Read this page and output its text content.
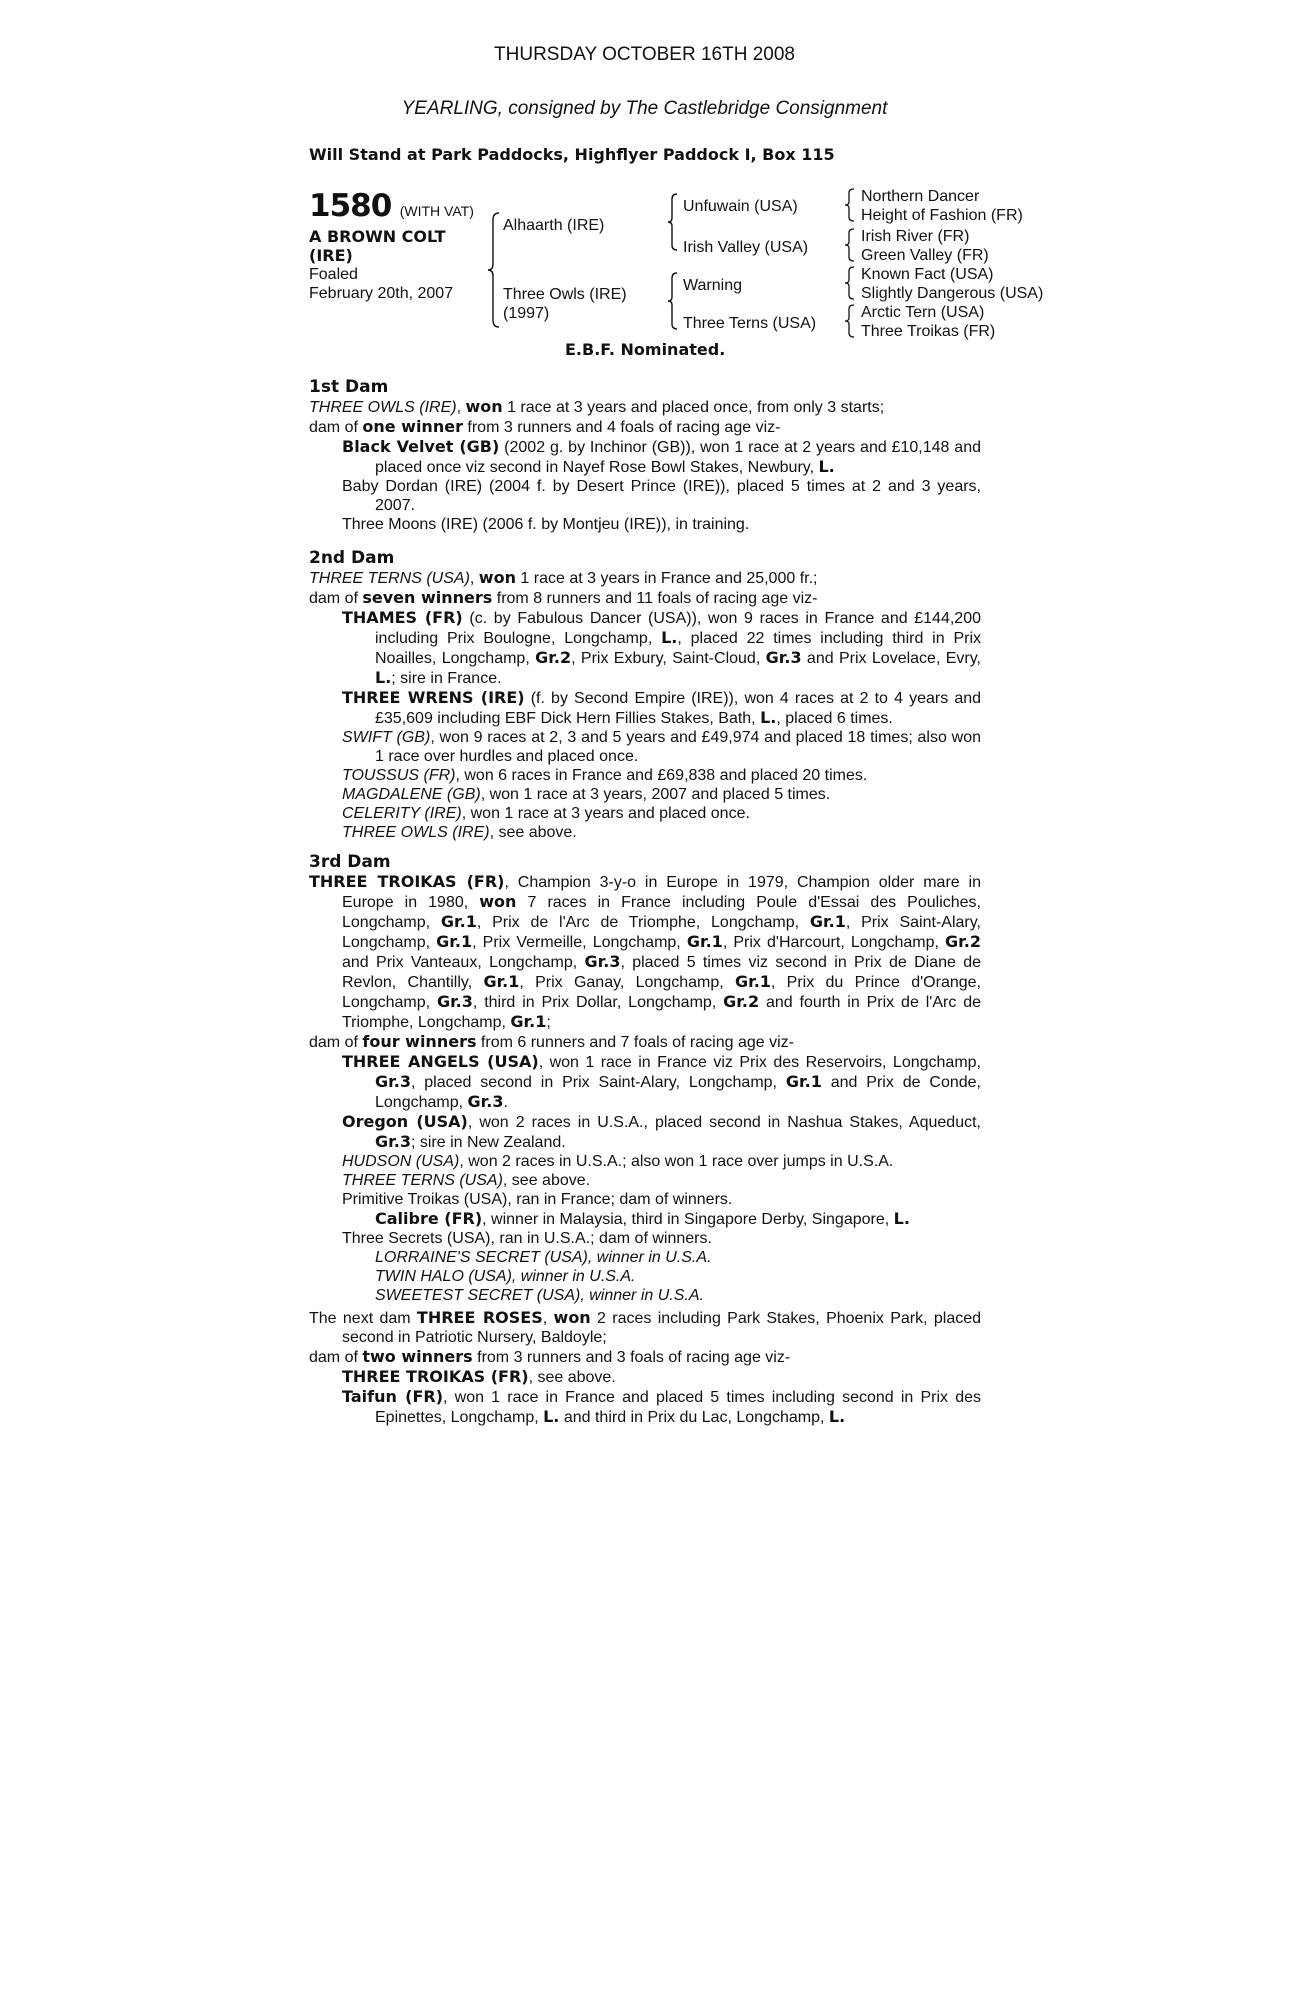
THURSDAY OCTOBER 16TH 2008
YEARLING, consigned by The Castlebridge Consignment
Will Stand at Park Paddocks, Highflyer Paddock I, Box 115
1580 (WITH VAT)
A BROWN COLT
(IRE)
Foaled
February 20th, 2007
Alhaarth (IRE)
Three Owls (IRE)
(1997)
Unfuwain (USA)
Irish Valley (USA)
Warning
Three Terns (USA)
Northern Dancer
Height of Fashion (FR)
Irish River (FR)
Green Valley (FR)
Known Fact (USA)
Slightly Dangerous (USA)
Arctic Tern (USA)
Three Troikas (FR)
E.B.F. Nominated.

1st Dam

THREE OWLS (IRE), won 1 race at 3 years and placed once, from only 3 starts;

dam of one winner from 3 runners and 4 foals of racing age viz-

Black Velvet (GB) (2002 g. by Inchinor (GB)), won 1 race at 2 years and £10,148 and placed once viz second in Nayef Rose Bowl Stakes, Newbury, L.

Baby Dordan (IRE) (2004 f. by Desert Prince (IRE)), placed 5 times at 2 and 3 years, 2007.

Three Moons (IRE) (2006 f. by Montjeu (IRE)), in training.

2nd Dam

THREE TERNS (USA), won 1 race at 3 years in France and 25,000 fr.;

dam of seven winners from 8 runners and 11 foals of racing age viz-

THAMES (FR) (c. by Fabulous Dancer (USA)), won 9 races in France and £144,200 including Prix Boulogne, Longchamp, L., placed 22 times including third in Prix Noailles, Longchamp, Gr.2, Prix Exbury, Saint-Cloud, Gr.3 and Prix Lovelace, Evry, L.; sire in France.

THREE WRENS (IRE) (f. by Second Empire (IRE)), won 4 races at 2 to 4 years and £35,609 including EBF Dick Hern Fillies Stakes, Bath, L., placed 6 times.

SWIFT (GB), won 9 races at 2, 3 and 5 years and £49,974 and placed 18 times; also won 1 race over hurdles and placed once.

TOUSSUS (FR), won 6 races in France and £69,838 and placed 20 times.

MAGDALENE (GB), won 1 race at 3 years, 2007 and placed 5 times.

CELERITY (IRE), won 1 race at 3 years and placed once.

THREE OWLS (IRE), see above.

3rd Dam

THREE TROIKAS (FR), Champion 3-y-o in Europe in 1979, Champion older mare in Europe in 1980, won 7 races in France including Poule d'Essai des Pouliches, Longchamp, Gr.1, Prix de l'Arc de Triomphe, Longchamp, Gr.1, Prix Saint-Alary, Longchamp, Gr.1, Prix Vermeille, Longchamp, Gr.1, Prix d'Harcourt, Longchamp, Gr.2 and Prix Vanteaux, Longchamp, Gr.3, placed 5 times viz second in Prix de Diane de Revlon, Chantilly, Gr.1, Prix Ganay, Longchamp, Gr.1, Prix du Prince d'Orange, Longchamp, Gr.3, third in Prix Dollar, Longchamp, Gr.2 and fourth in Prix de l'Arc de Triomphe, Longchamp, Gr.1;

dam of four winners from 6 runners and 7 foals of racing age viz-

THREE ANGELS (USA), won 1 race in France viz Prix des Reservoirs, Longchamp, Gr.3, placed second in Prix Saint-Alary, Longchamp, Gr.1 and Prix de Conde, Longchamp, Gr.3.

Oregon (USA), won 2 races in U.S.A., placed second in Nashua Stakes, Aqueduct, Gr.3; sire in New Zealand.

HUDSON (USA), won 2 races in U.S.A.; also won 1 race over jumps in U.S.A.

THREE TERNS (USA), see above.

Primitive Troikas (USA), ran in France; dam of winners.

Calibre (FR), winner in Malaysia, third in Singapore Derby, Singapore, L.

Three Secrets (USA), ran in U.S.A.; dam of winners.

LORRAINE'S SECRET (USA), winner in U.S.A.

TWIN HALO (USA), winner in U.S.A.

SWEETEST SECRET (USA), winner in U.S.A.

The next dam THREE ROSES, won 2 races including Park Stakes, Phoenix Park, placed second in Patriotic Nursery, Baldoyle;

dam of two winners from 3 runners and 3 foals of racing age viz-

THREE TROIKAS (FR), see above.

Taifun (FR), won 1 race in France and placed 5 times including second in Prix des Epinettes, Longchamp, L. and third in Prix du Lac, Longchamp, L.
